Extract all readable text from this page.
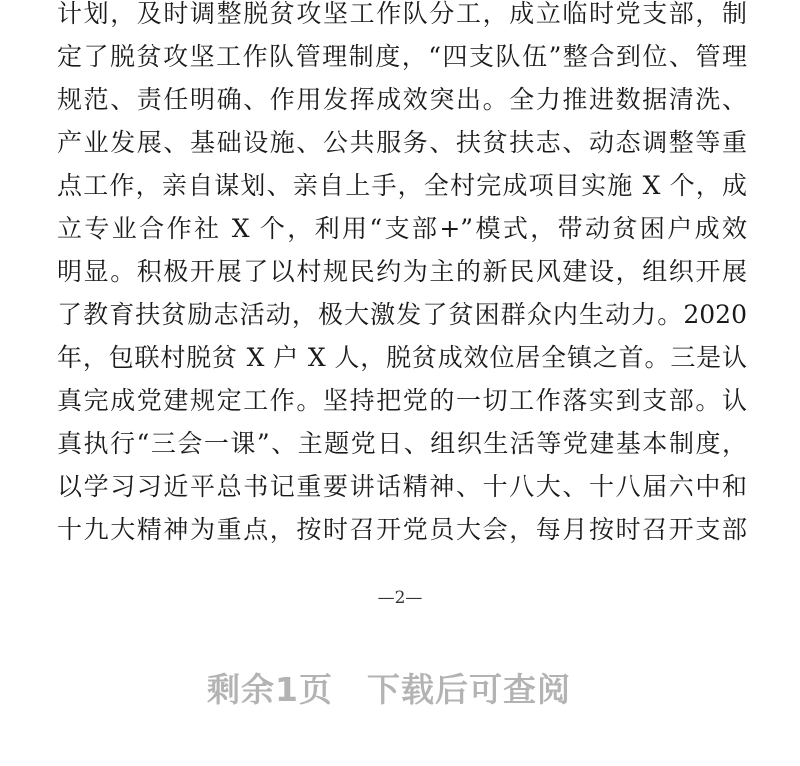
计划，及时调整脱贫攻坚工作队分工，成立临时党支部，制
定了脱贫攻坚工作队管理制度，“四支队伍”整合到位、管理
规范、责任明确、作用发挥成效突出。全力推进数据清洗、
产业发展、基础设施、公共服务、扶贫扶志、动态调整等重
点工作，亲自谋划、亲自上手，全村完成项目实施 X 个，成
立专业合作社 X 个，利用“支部+”模式，带动贫困户成效
明显。积极开展了以村规民约为主的新民风建设，组织开展
了教育扶贫励志活动，极大激发了贫困群众内生动力。2020
年，包联村脱贫 X 户 X 人，脱贫成效位居全镇之首。三是认
真完成党建规定工作。坚持把党的一切工作落实到支部。认
真执行“三会一课”、主题党日、组织生活等党建基本制度，
以学习习近平总书记重要讲话精神、十八大、十八届六中和
十九大精神为重点，按时召开党员大会，每月按时召开支部
—2—
剩余1页　下载后可查阅
